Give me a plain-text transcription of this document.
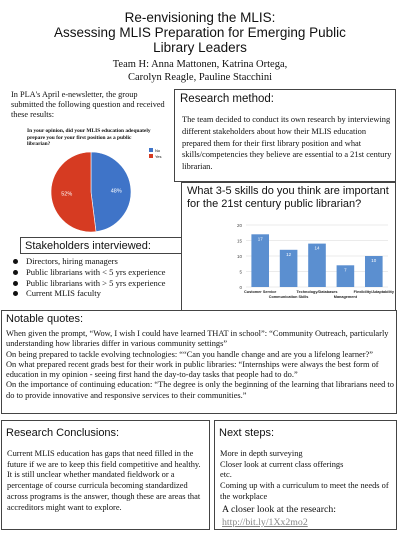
Re-envisioning the MLIS:
Assessing MLIS Preparation for Emerging Public
Library Leaders
Team H: Anna Mattonen, Katrina Ortega,
Carolyn Reagle, Pauline Stacchini
In PLA's April e-newsletter, the group submitted the following question and received these results:
In your opinion, did your MLIS education adequately prepare you for your first position as a public librarian?
No
Yes
48%
52%
Research method:
The team decided to conduct its own research by interviewing different stakeholders about how their MLIS education prepared them for their first library position and what skills/competencies they believe are essential to a 21st century librarian.
What 3-5 skills do you think are important for the 21st century public librarian?
20
15
10
5
0
17
12
14
7
10
Customer Service
Communication Skills
Technology/Databases
Management
Flexibility/Adaptability
Stakeholders interviewed:
Directors, hiring managers
Public librarians with < 5 yrs experience
Public librarians with > 5 yrs experience
Current MLIS faculty
Notable quotes:
When given the prompt, “Wow, I wish I could have learned THAT in school”: “Community Outreach, particularly understanding how libraries differ in various community settings”
On being prepared to tackle evolving technologies: ““Can you handle change and are you a lifelong learner?”
On what prepared recent grads best for their work in public libraries: “Internships were always the best form of education in my opinion - seeing first hand the day-to-day tasks that people had to do.”
On the importance of continuing education: “The degree is only the beginning of the learning that librarians need to do to provide innovative and responsive services to their communities.”
Research Conclusions:
Current MLIS education has gaps that need filled in the future if we are to keep this field competitive and healthy. It is still unclear whether mandated fieldwork or a percentage of course curricula becoming standardized across programs is the answer, though these are areas that accreditors might want to explore.
Next steps:
More in depth surveying
Closer look at current class offerings
etc.
Coming up with a curriculum to meet the needs of the workplace
A closer look at the research:
http://bit.ly/1Xx2mo2
